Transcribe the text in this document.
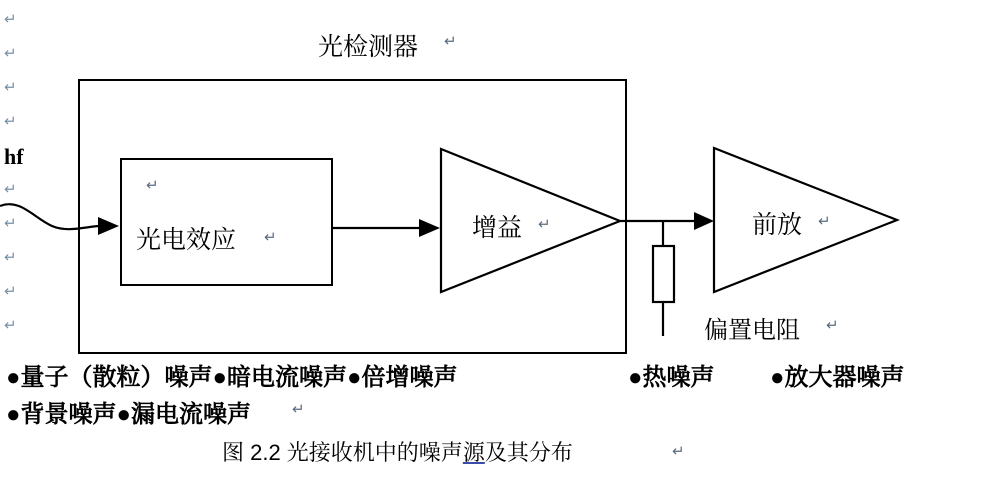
↵
↵
↵
↵
↵
↵
↵
↵
↵
光检测器 ↵
↵
光电效应 ↵
hf
增益 ↵	前放 ↵
偏置电阻 ↵
●量子（散粒）噪声●暗电流噪声●倍增噪声
●背景噪声●漏电流噪声	↵
●热噪声 ●放大器噪声
图 2.2 光接收机中的噪声源及其分布	↵
